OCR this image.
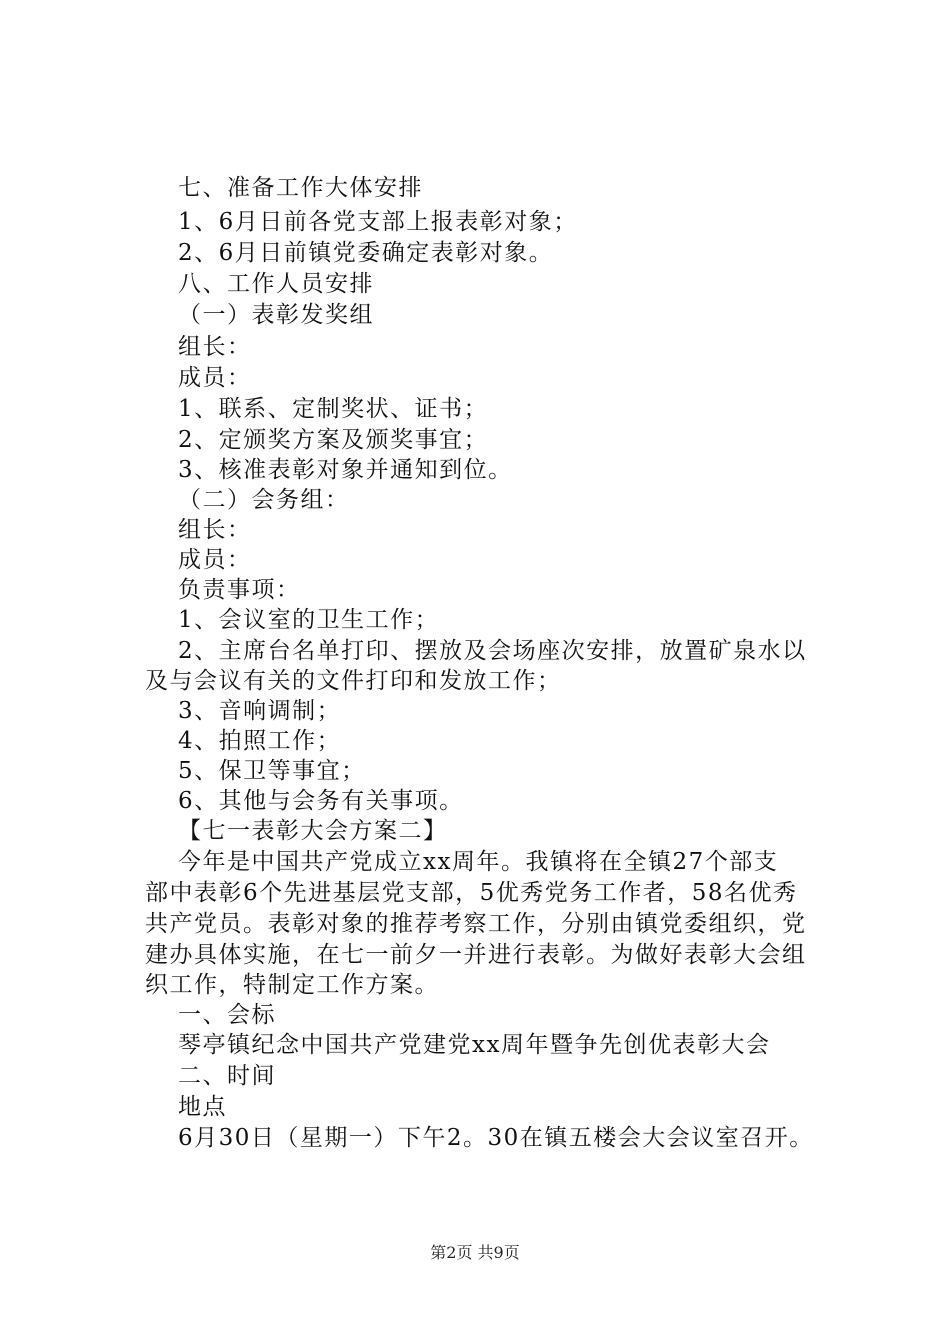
七、准备工作大体安排
1、6月日前各党支部上报表彰对象；
2、6月日前镇党委确定表彰对象。
八、工作人员安排
（一）表彰发奖组
组长：
成员：
1、联系、定制奖状、证书；
2、定颁奖方案及颁奖事宜；
3、核准表彰对象并通知到位。
（二）会务组：
组长：
成员：
负责事项：
1、会议室的卫生工作；
2、主席台名单打印、摆放及会场座次安排，放置矿泉水以
及与会议有关的文件打印和发放工作；
3、音响调制；
4、拍照工作；
5、保卫等事宜；
6、其他与会务有关事项。
【七一表彰大会方案二】
今年是中国共产党成立xx周年。我镇将在全镇27个部支
部中表彰6个先进基层党支部，5优秀党务工作者，58名优秀
共产党员。表彰对象的推荐考察工作，分别由镇党委组织，党
建办具体实施，在七一前夕一并进行表彰。为做好表彰大会组
织工作，特制定工作方案。
一、会标
琴亭镇纪念中国共产党建党xx周年暨争先创优表彰大会
二、时间
地点
6月30日（星期一）下午2。30在镇五楼会大会议室召开。
第2页 共9页
